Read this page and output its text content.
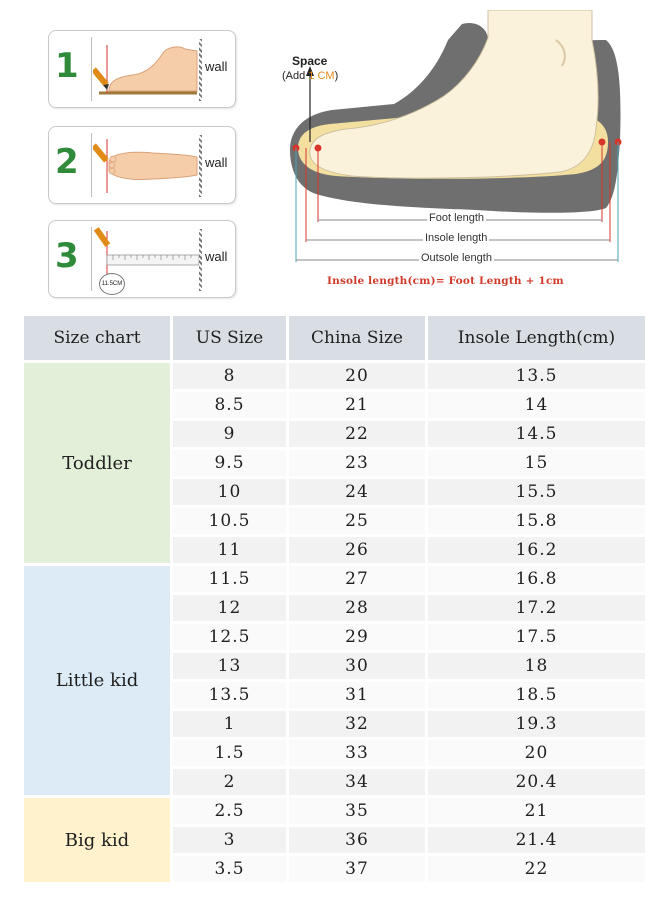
1	wall
2	wall
3
11.5CM
wall
Space
(Add 1 CM)
Foot length
Insole length
Outsole length
Insole length(cm)= Foot Length + 1cm
Size chart	US Size	China Size	Insole Length(cm)
Toddler
8	20	13.5
8.5	21	14
9	22	14.5
9.5	23	15
10	24	15.5
10.5	25	15.8
11	26	16.2
Little kid
11.5	27	16.8
12	28	17.2
12.5	29	17.5
13	30	18
13.5	31	18.5
1	32	19.3
1.5	33	20
2	34	20.4
Big kid
2.5	35	21
3	36	21.4
3.5	37	22
